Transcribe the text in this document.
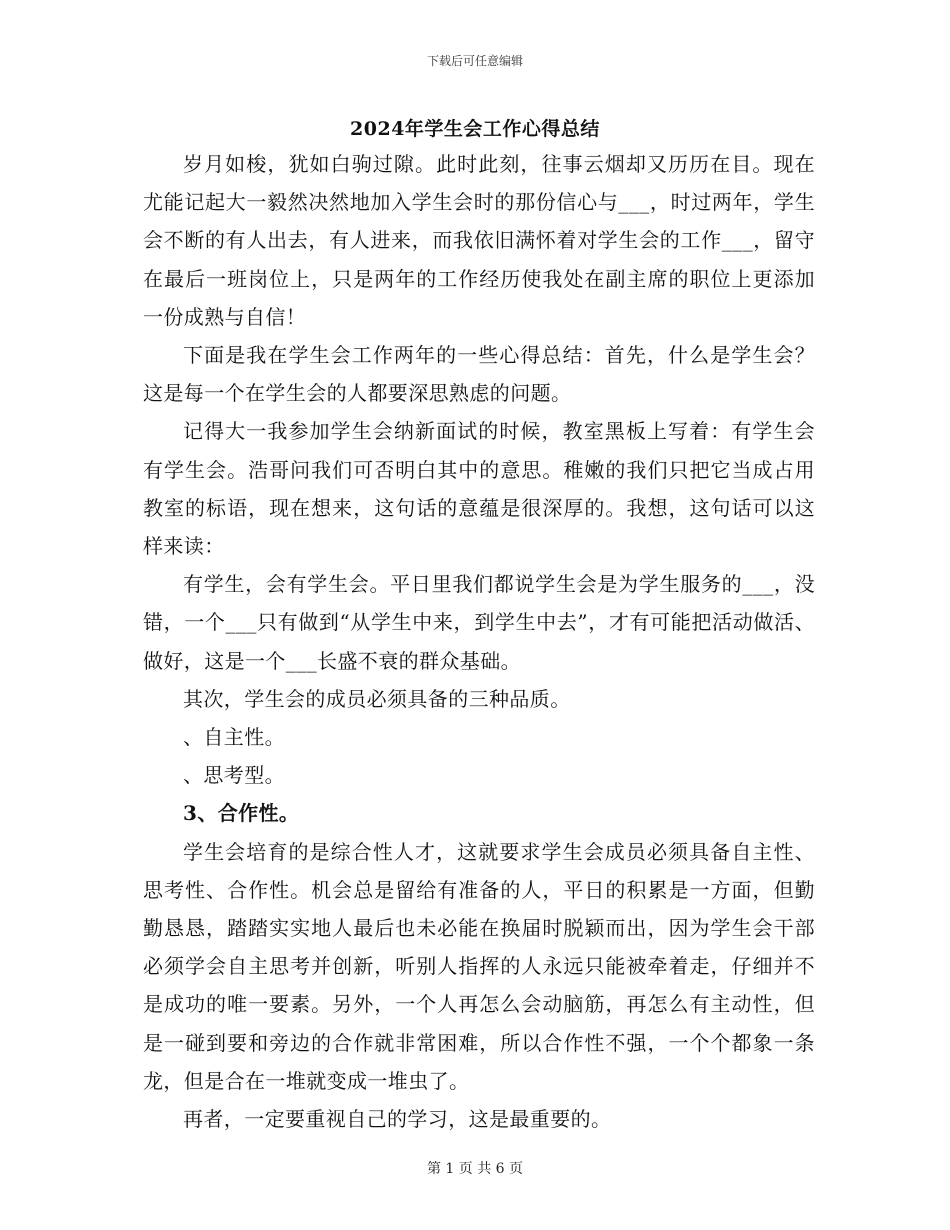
下载后可任意编辑
2024年学生会工作心得总结

岁月如梭，犹如白驹过隙。此时此刻，往事云烟却又历历在目。现在尤能记起大一毅然决然地加入学生会时的那份信心与___，时过两年，学生会不断的有人出去，有人进来，而我依旧满怀着对学生会的工作___，留守在最后一班岗位上，只是两年的工作经历使我处在副主席的职位上更添加一份成熟与自信！

下面是我在学生会工作两年的一些心得总结：首先，什么是学生会？这是每一个在学生会的人都要深思熟虑的问题。

记得大一我参加学生会纳新面试的时候，教室黑板上写着：有学生会有学生会。浩哥问我们可否明白其中的意思。稚嫩的我们只把它当成占用教室的标语，现在想来，这句话的意蕴是很深厚的。我想，这句话可以这样来读：

有学生，会有学生会。平日里我们都说学生会是为学生服务的___，没错，一个___只有做到“从学生中来，到学生中去”，才有可能把活动做活、做好，这是一个___长盛不衰的群众基础。

其次，学生会的成员必须具备的三种品质。

、自主性。

、思考型。

3、合作性。

学生会培育的是综合性人才，这就要求学生会成员必须具备自主性、思考性、合作性。机会总是留给有准备的人，平日的积累是一方面，但勤勤恳恳，踏踏实实地人最后也未必能在换届时脱颖而出，因为学生会干部必须学会自主思考并创新，听别人指挥的人永远只能被牵着走，仔细并不是成功的唯一要素。另外，一个人再怎么会动脑筋，再怎么有主动性，但是一碰到要和旁边的合作就非常困难，所以合作性不强，一个个都象一条龙，但是合在一堆就变成一堆虫了。

再者，一定要重视自己的学习，这是最重要的。

第 1 页 共 6 页
